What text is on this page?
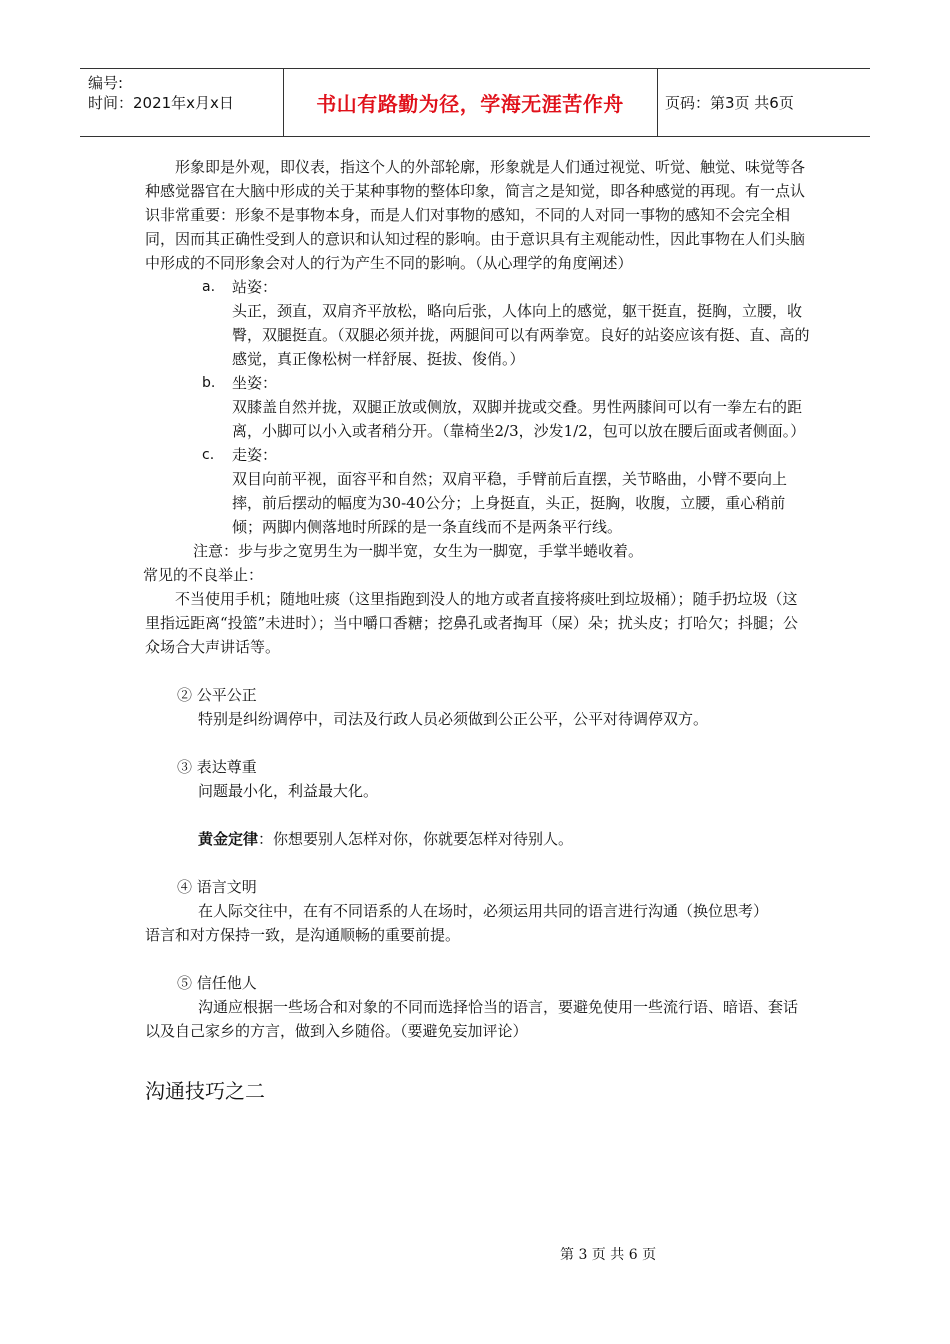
编号:
时间：2021年x月x日	书山有路勤为径，学海无涯苦作舟	页码：第3页 共6页

形象即是外观，即仪表，指这个人的外部轮廓，形象就是人们通过视觉、听觉、触觉、味觉等各种感觉器官在大脑中形成的关于某种事物的整体印象，简言之是知觉，即各种感觉的再现。有一点认识非常重要：形象不是事物本身，而是人们对事物的感知，不同的人对同一事物的感知不会完全相同，因而其正确性受到人的意识和认知过程的影响。由于意识具有主观能动性，因此事物在人们头脑中形成的不同形象会对人的行为产生不同的影响。（从心理学的角度阐述）

a.	站姿：
头正，颈直，双肩齐平放松，略向后张，人体向上的感觉，躯干挺直，挺胸，立腰，收臀，双腿挺直。（双腿必须并拢，两腿间可以有两拳宽。良好的站姿应该有挺、直、高的感觉，真正像松树一样舒展、挺拔、俊俏。）
b.	坐姿：
双膝盖自然并拢，双腿正放或侧放，双脚并拢或交叠。男性两膝间可以有一拳左右的距离，小脚可以小入或者稍分开。（靠椅坐2/3，沙发1/2，包可以放在腰后面或者侧面。）
c.	走姿：
双目向前平视，面容平和自然；双肩平稳，手臂前后直摆，关节略曲，小臂不要向上摔，前后摆动的幅度为30-40公分；上身挺直，头正，挺胸，收腹，立腰，重心稍前倾；两脚内侧落地时所踩的是一条直线而不是两条平行线。

注意：步与步之宽男生为一脚半宽，女生为一脚宽，手掌半蜷收着。

常见的不良举止：

不当使用手机；随地吐痰（这里指跑到没人的地方或者直接将痰吐到垃圾桶）；随手扔垃圾（这里指远距离“投篮”未进时）；当中嚼口香糖；挖鼻孔或者掏耳（屎）朵；扰头皮；打哈欠；抖腿；公众场合大声讲话等。

② 公平公正

特别是纠纷调停中，司法及行政人员必须做到公正公平，公平对待调停双方。

③ 表达尊重

问题最小化，利益最大化。

黄金定律：你想要别人怎样对你，你就要怎样对待别人。

④ 语言文明

在人际交往中，在有不同语系的人在场时，必须运用共同的语言进行沟通（换位思考）

语言和对方保持一致，是沟通顺畅的重要前提。

⑤ 信任他人

沟通应根据一些场合和对象的不同而选择恰当的语言，要避免使用一些流行语、暗语、套话以及自己家乡的方言，做到入乡随俗。（要避免妄加评论）

沟通技巧之二

第 3 页 共 6 页
